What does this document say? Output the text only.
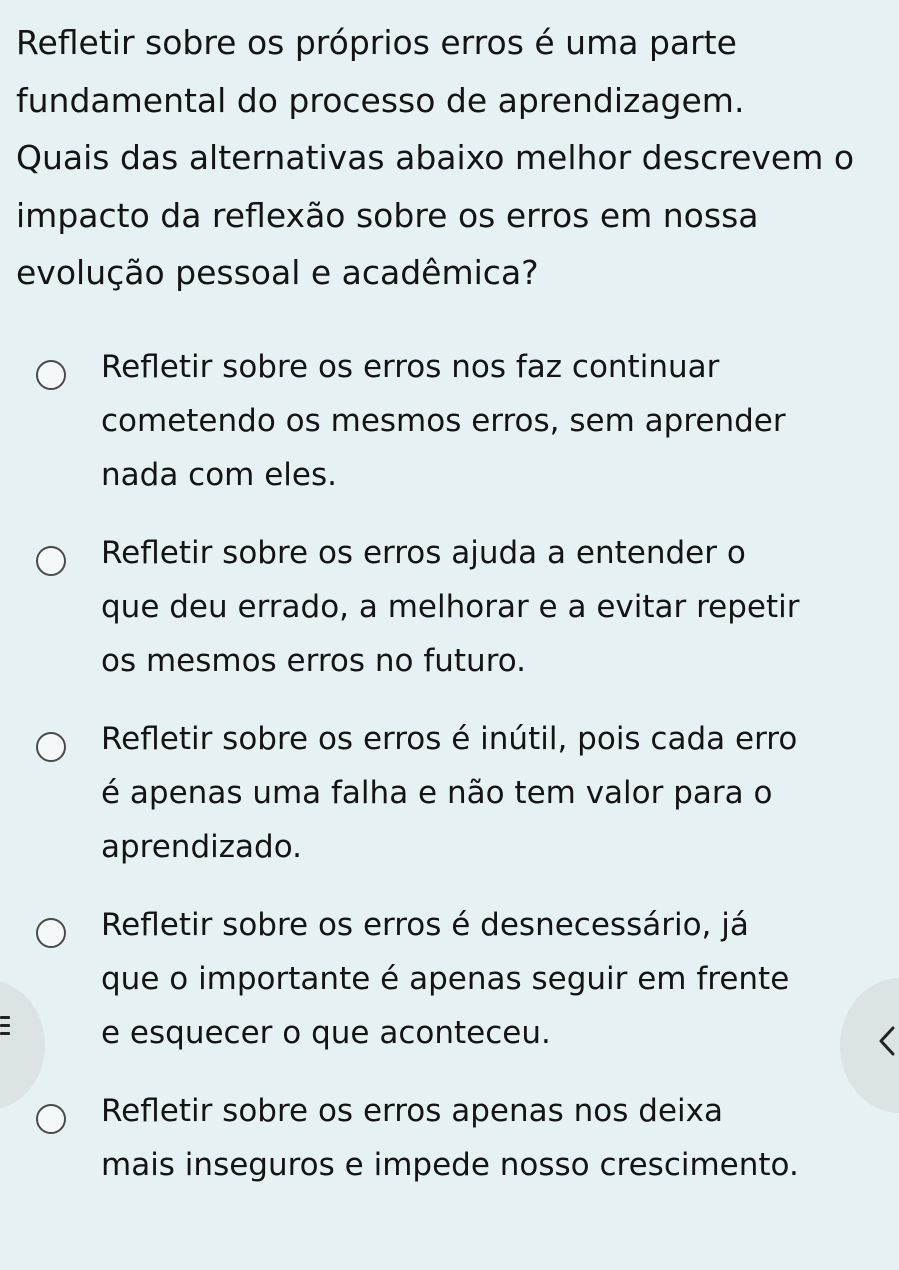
Refletir sobre os próprios erros é uma parte
fundamental do processo de aprendizagem.
Quais das alternativas abaixo melhor descrevem o
impacto da reflexão sobre os erros em nossa
evolução pessoal e acadêmica?
Refletir sobre os erros nos faz continuar
cometendo os mesmos erros, sem aprender
nada com eles.
Refletir sobre os erros ajuda a entender o
que deu errado, a melhorar e a evitar repetir
os mesmos erros no futuro.
Refletir sobre os erros é inútil, pois cada erro
é apenas uma falha e não tem valor para o
aprendizado.
Refletir sobre os erros é desnecessário, já
que o importante é apenas seguir em frente
e esquecer o que aconteceu.
Refletir sobre os erros apenas nos deixa
mais inseguros e impede nosso crescimento.
